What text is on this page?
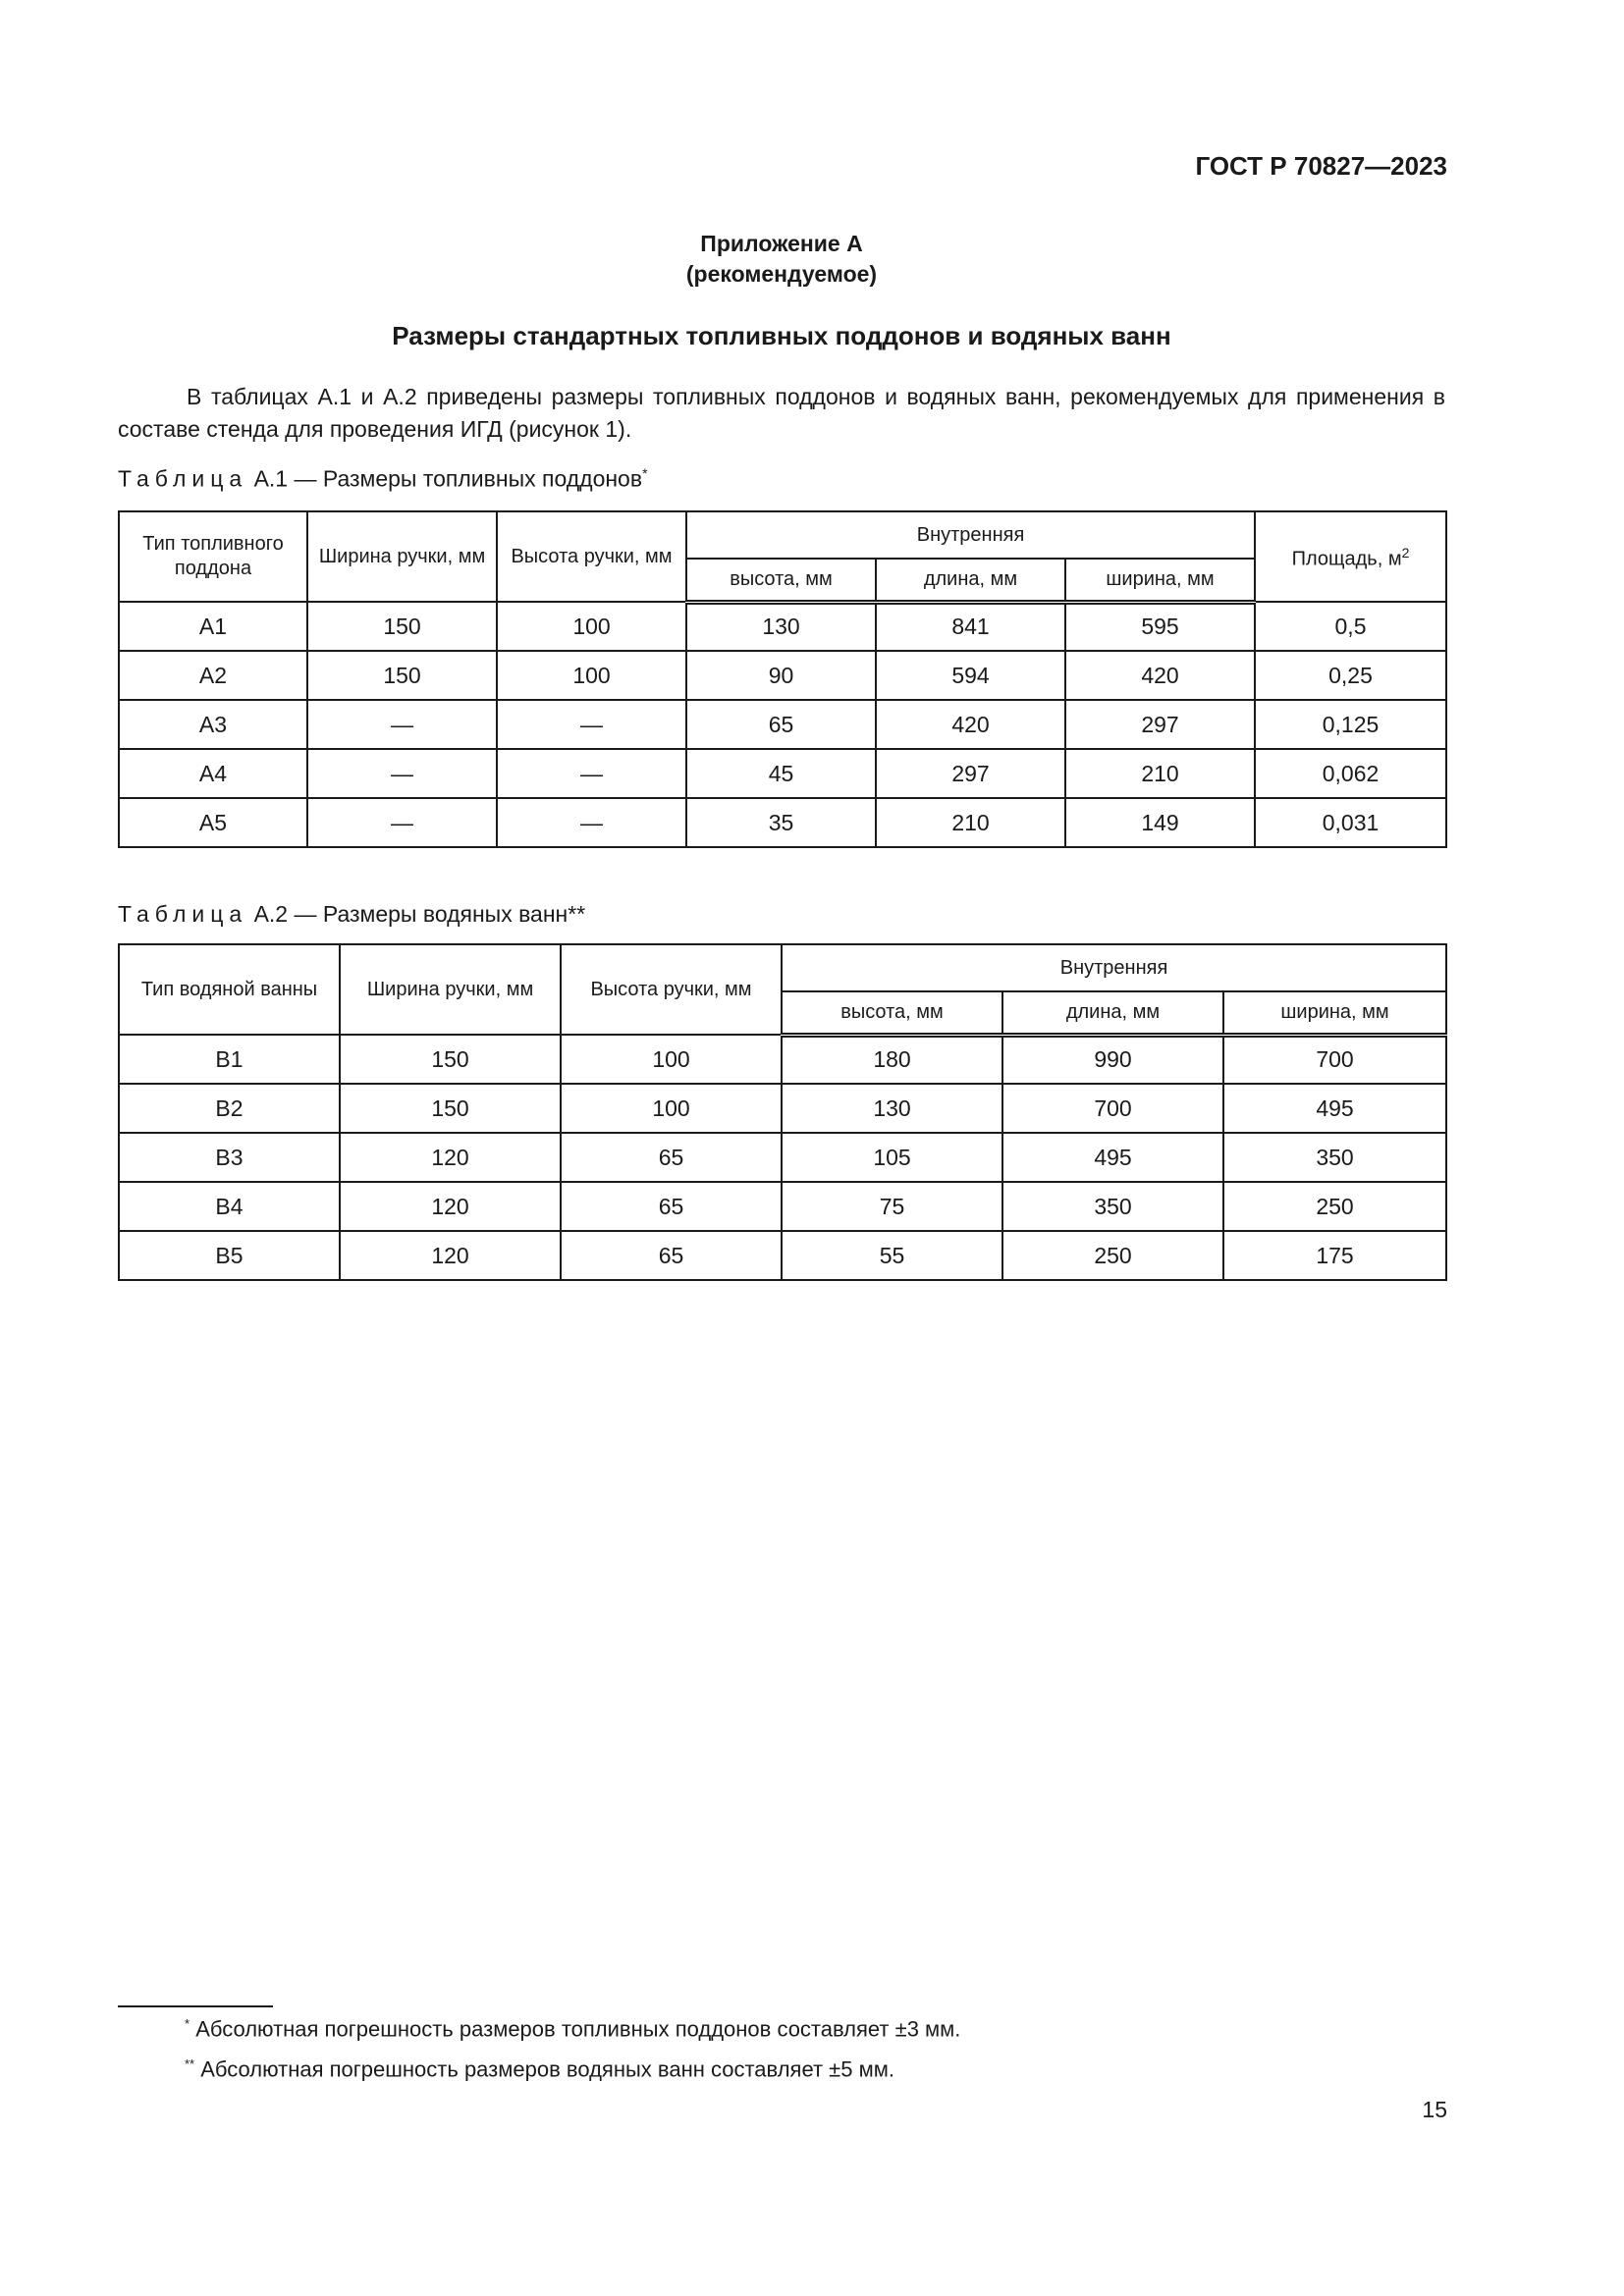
ГОСТ Р 70827—2023
Приложение А
(рекомендуемое)
Размеры стандартных топливных поддонов и водяных ванн
В таблицах А.1 и А.2 приведены размеры топливных поддонов и водяных ванн, рекомендуемых для применения в составе стенда для проведения ИГД (рисунок 1).
Таблица А.1 — Размеры топливных поддонов*
Тип топливного поддона	Ширина ручки, мм	Высота ручки, мм	Внутренняя			Площадь, $м^2$
			высота, мм	длина, мм	ширина, мм	
А1	150	100	130	841	595	0,5
А2	150	100	90	594	420	0,25
А3	—	—	65	420	297	0,125
А4	—	—	45	297	210	0,062
А5	—	—	35	210	149	0,031
Таблица А.2 — Размеры водяных ванн**
Тип водяной ванны	Ширина ручки, мм	Высота ручки, мм	Внутренняя		
			высота, мм	длина, мм	ширина, мм
В1	150	100	180	990	700
В2	150	100	130	700	495
В3	120	65	105	495	350
В4	120	65	75	350	250
В5	120	65	55	250	175
* Абсолютная погрешность размеров топливных поддонов составляет ±3 мм.
** Абсолютная погрешность размеров водяных ванн составляет ±5 мм.
15
